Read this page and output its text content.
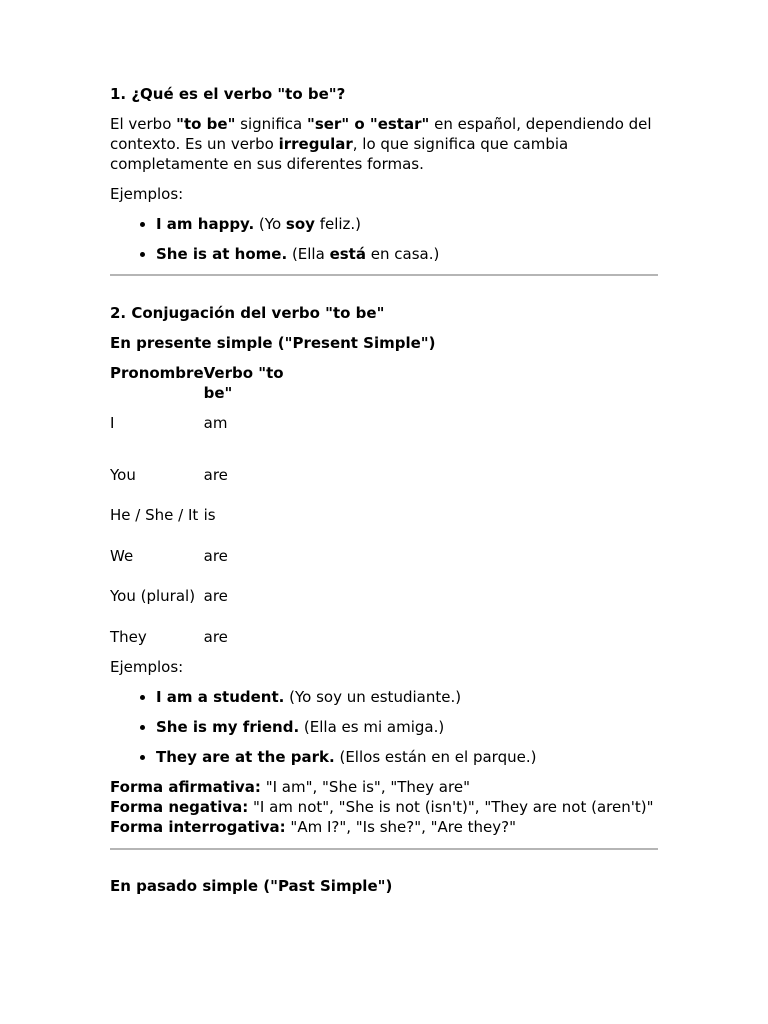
1. ¿Qué es el verbo "to be"?

El verbo "to be" significa "ser" o "estar" en español, dependiendo del contexto. Es un verbo irregular, lo que significa que cambia completamente en sus diferentes formas.

Ejemplos:

• I am happy. (Yo soy feliz.)
• She is at home. (Ella está en casa.)
2. Conjugación del verbo "to be"
En presente simple ("Present Simple")
Pronombre	Verbo "to be"
I	am
You	are
He / She / It	is
We	are
You (plural)	are
They	are

Ejemplos:

• I am a student. (Yo soy un estudiante.)
• She is my friend. (Ella es mi amiga.)
• They are at the park. (Ellos están en el parque.)

Forma afirmativa: "I am", "She is", "They are"
Forma negativa: "I am not", "She is not (isn't)", "They are not (aren't)"
Forma interrogativa: "Am I?", "Is she?", "Are they?"

En pasado simple ("Past Simple")
